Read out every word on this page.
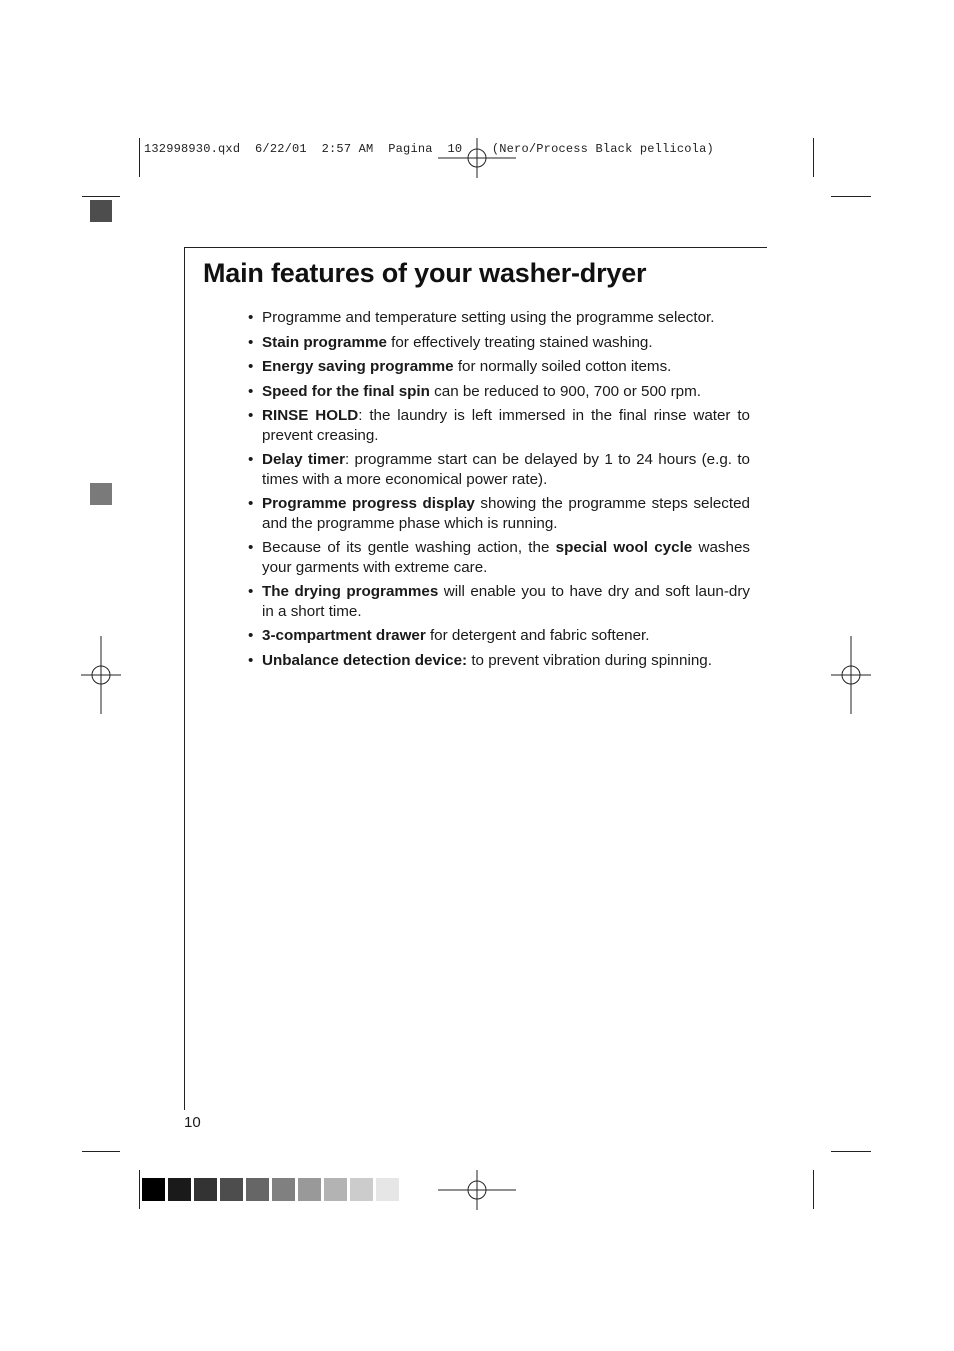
132998930.qxd  6/22/01  2:57 AM  Pagina  10    (Nero/Process Black pellicola)
Main features of your washer-dryer
• Programme and temperature setting using the programme selector.
• Stain programme for effectively treating stained washing.
• Energy saving programme for normally soiled cotton items.
• Speed for the final spin can be reduced to 900, 700 or 500 rpm.
• RINSE HOLD: the laundry is left immersed in the final rinse water to prevent creasing.
• Delay timer: programme start can be delayed by 1 to 24 hours (e.g. to times with a more economical power rate).
• Programme progress display showing the programme steps selected and the programme phase which is running.
• Because of its gentle washing action, the special wool cycle washes your garments with extreme care.
• The drying programmes will enable you to have dry and soft laun-dry in a short time.
• 3-compartment drawer for detergent and fabric softener.
• Unbalance detection device: to prevent vibration during spinning.
10
